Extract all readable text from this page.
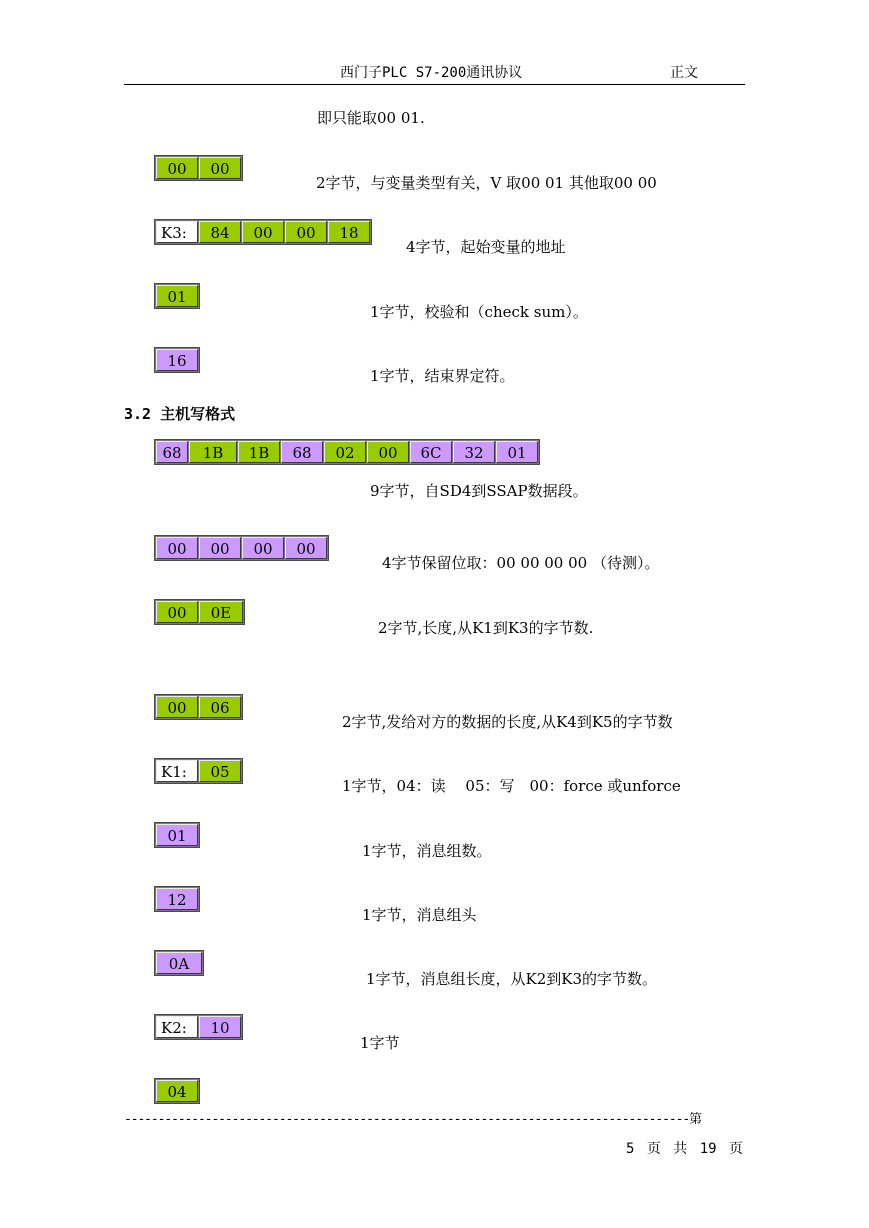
西门子PLC S7-200通讯协议	正文
即只能取00 01.
3.2 主机写格式
00	00
2字节，与变量类型有关，V 取00 01 其他取00 00
K3:	84	00	00	18
4字节，起始变量的地址
01
1字节，校验和（check sum）。
16
1字节，结束界定符。
68	1B	1B	68	02	00	6C	32	01
9字节，自SD4到SSAP数据段。
00	00	00	00
4字节保留位取：00 00 00 00 （待测）。
00	0E
2字节,长度,从K1到K3的字节数.
00	06
2字节,发给对方的数据的长度,从K4到K5的字节数
K1:	05
1字节，04：读　 05：写　00：force 或unforce
01
1字节，消息组数。
12
1字节，消息组头
0A
1字节，消息组长度，从K2到K3的字节数。
K2:	10
1字节
04
------------------------------------------------------------------------------------第
5 页 共 19 页
